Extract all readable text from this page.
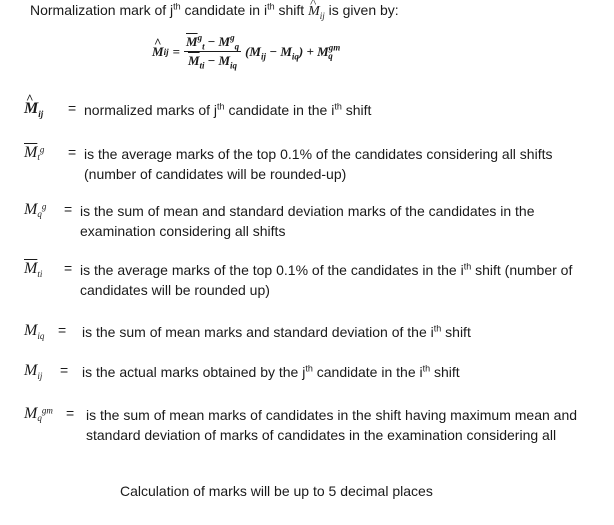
Normalization mark of $j^{th}$ candidate in $i^{th}$ shift ^ $M_{ij}$ is given by:
^ M ij = $\frac{\overline{M}^g_t - M^g_q}{\overline{M}_{ti} - M_{iq}} (M_{ij} - M_{iq}) + M^{gm}_q$
^ $M_{ij}$ = normalized marks of $j^{th}$ candidate in the $i^{th}$ shift
$\overline{M}_t^g$ = is the average marks of the top 0.1% of the candidates considering all shifts (number of candidates will be rounded-up)
$M_q^g$ = is the sum of mean and standard deviation marks of the candidates in the examination considering all shifts
$\overline{M}_{ti}$ = is the average marks of the top 0.1% of the candidates in the $i^{th}$ shift (number of candidates will be rounded up)
$M_{iq}$ = is the sum of mean marks and standard deviation of the $i^{th}$ shift
$M_{ij}$ = is the actual marks obtained by the $j^{th}$ candidate in the $i^{th}$ shift
$M_q^{gm}$ = is the sum of mean marks of candidates in the shift having maximum mean and standard deviation of marks of candidates in the examination considering all
Calculation of marks will be up to 5 decimal places
